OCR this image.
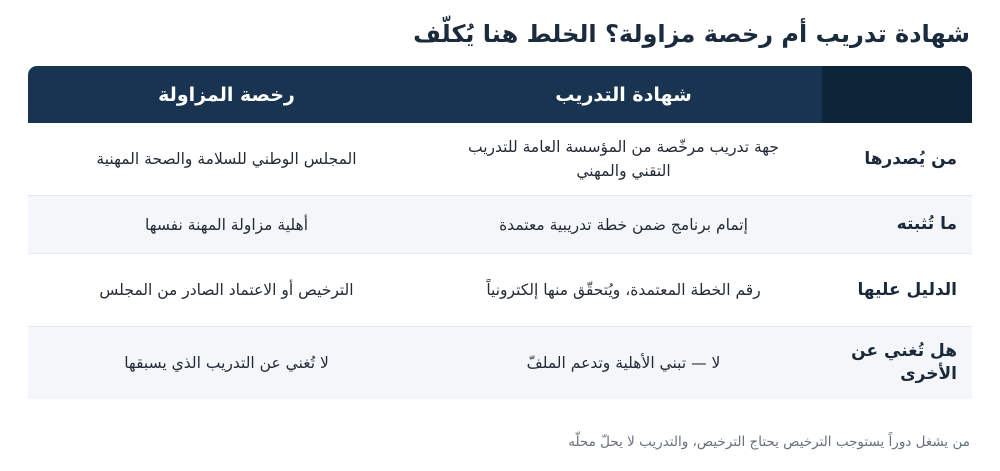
شهادة تدريب أم رخصة مزاولة؟ الخلط هنا يُكلّف
شهادة التدريب
رخصة المزاولة
من يُصدرها
جهة تدريب مرخّصة من المؤسسة العامة للتدريب التقني والمهني
المجلس الوطني للسلامة والصحة المهنية
ما تُثبته
إتمام برنامج ضمن خطة تدريبية معتمدة
أهلية مزاولة المهنة نفسها
الدليل عليها
رقم الخطة المعتمدة، ويُتحقّق منها إلكترونياً
الترخيص أو الاعتماد الصادر من المجلس
هل تُغني عن الأخرى
لا — تبني الأهلية وتدعم الملفّ
لا تُغني عن التدريب الذي يسبقها

من يشغل دوراً يستوجب الترخيص يحتاج الترخيص، والتدريب لا يحلّ محلّه
